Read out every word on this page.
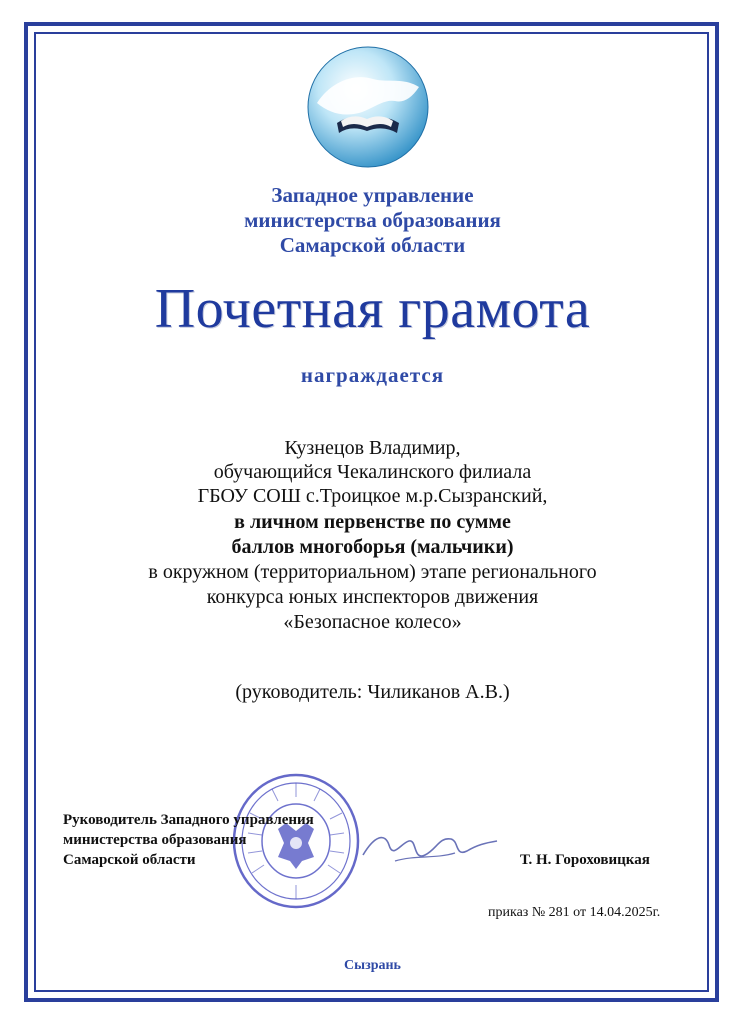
Западное управление
министерства образования
Самарской области
Почетная грамота
награждается
Кузнецов Владимир,
обучающийся Чекалинского филиала
ГБОУ СОШ с.Троицкое м.р.Сызранский,
в личном первенстве по сумме
баллов многоборья (мальчики)
в окружном (территориальном) этапе регионального
конкурса юных инспекторов движения
«Безопасное колесо»
(руководитель: Чиликанов А.В.)
Руководитель Западного управления
министерства образования
Самарской области	Т. Н. Гороховицкая
приказ № 281 от 14.04.2025г.
Сызрань
